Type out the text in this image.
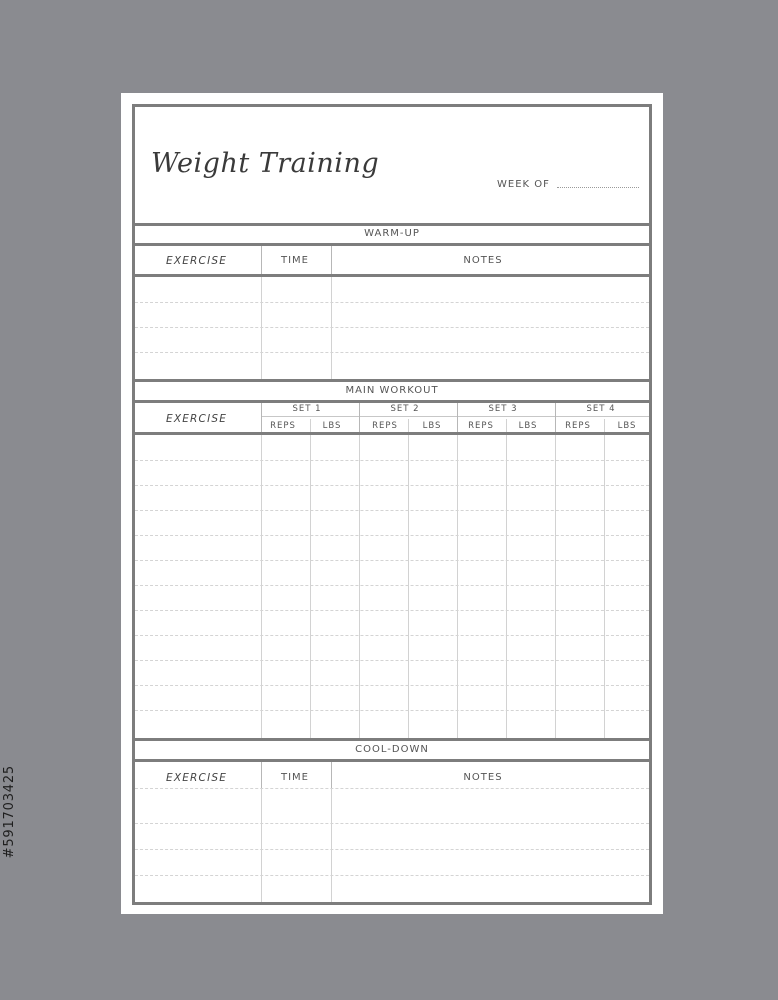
Weight Training
WEEK OF
WARM-UP
EXERCISE	TIME	NOTES
MAIN WORKOUT
EXERCISE
SET 1	SET 2	SET 3	SET 4
REPS	LBS	REPS	LBS	REPS	LBS	REPS	LBS
COOL-DOWN
EXERCISE	TIME	NOTES
#591703425
